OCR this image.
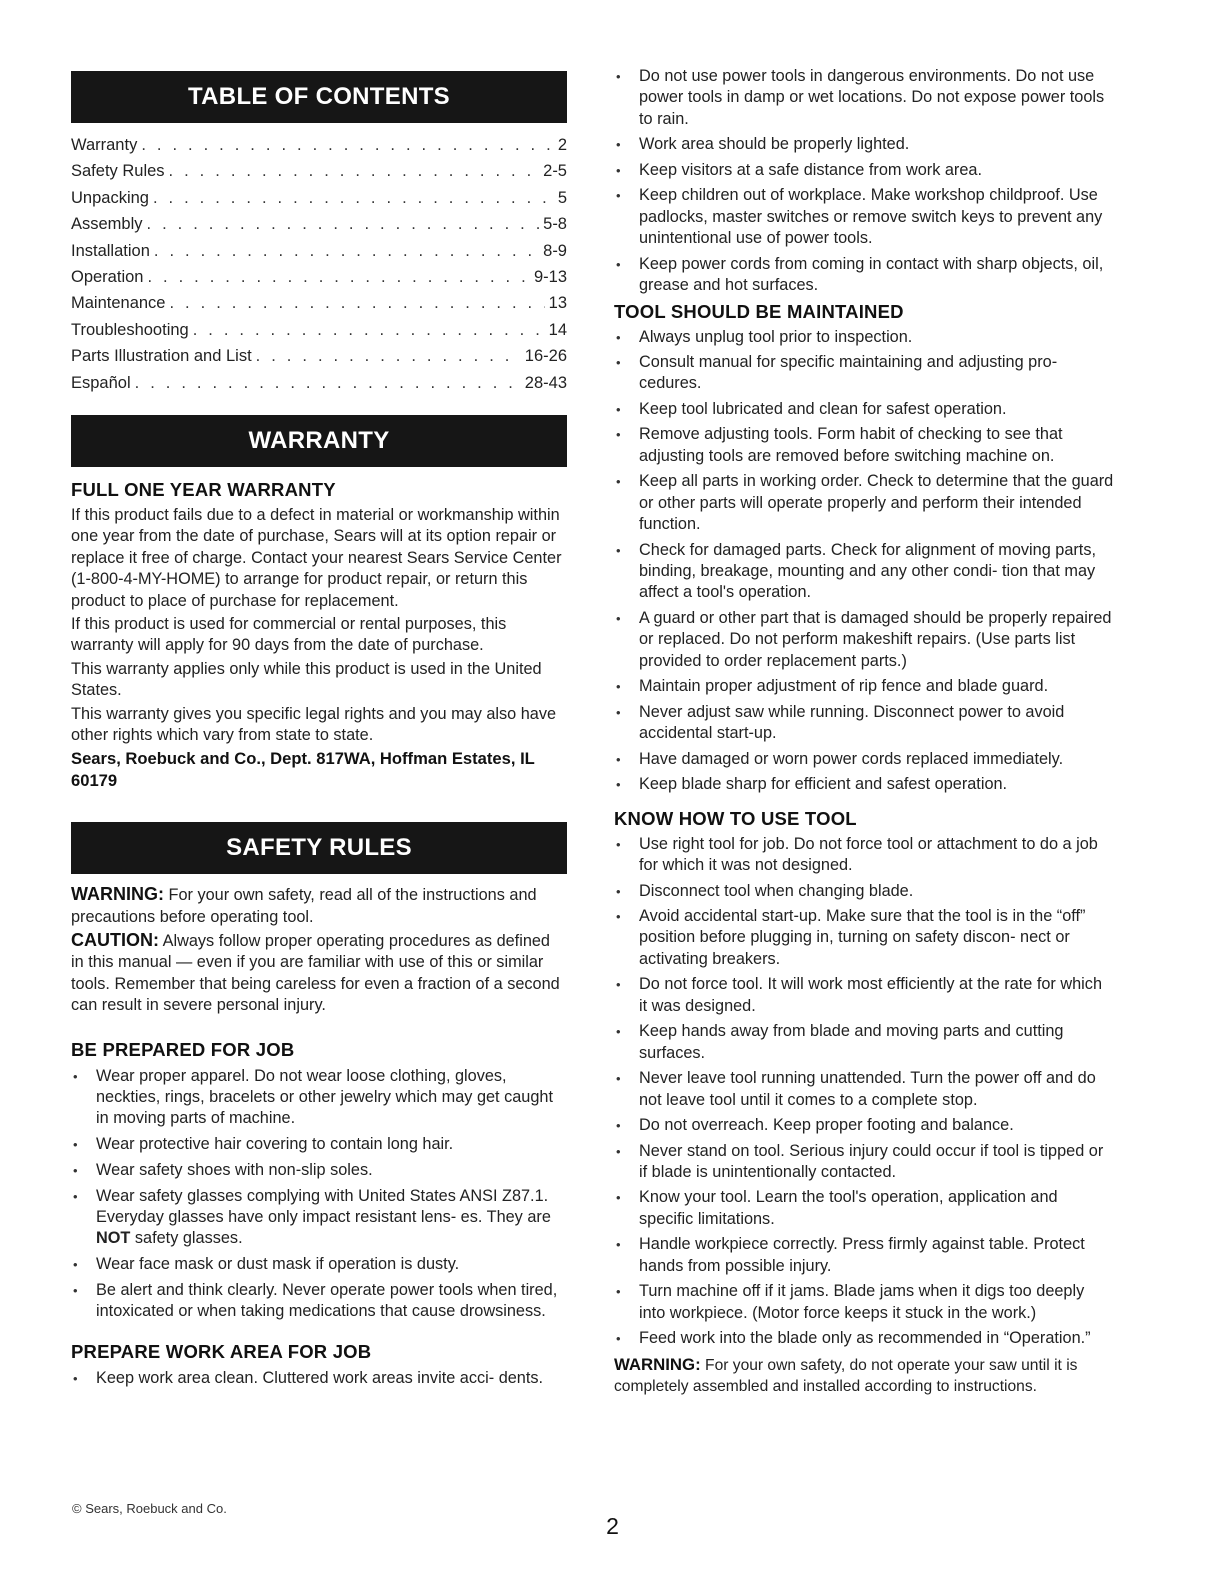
TABLE OF CONTENTS
Warranty . . .	2
Safety Rules . . .	2-5
Unpacking . . .	5
Assembly . . .	5-8
Installation . . .	8-9
Operation . . .	9-13
Maintenance . . .	13
Troubleshooting . . .	14
Parts Illustration and List . . .	16-26
Español . . .	28-43
WARRANTY
FULL ONE YEAR WARRANTY

If this product fails due to a defect in material or workmanship within one year from the date of purchase, Sears will at its option repair or replace it free of charge. Contact your nearest Sears Service Center (1-800-4-MY-HOME) to arrange for product repair, or return this product to place of purchase for replacement.

If this product is used for commercial or rental purposes, this warranty will apply for 90 days from the date of purchase.

This warranty applies only while this product is used in the United States.

This warranty gives you specific legal rights and you may also have other rights which vary from state to state.

Sears, Roebuck and Co., Dept. 817WA, Hoffman Estates, IL 60179

SAFETY RULES

WARNING: For your own safety, read all of the instructions and precautions before operating tool.

CAUTION: Always follow proper operating procedures as defined in this manual — even if you are familiar with use of this or similar tools. Remember that being careless for even a fraction of a second can result in severe personal injury.

BE PREPARED FOR JOB
• Wear proper apparel. Do not wear loose clothing, gloves, neckties, rings, bracelets or other jewelry which may get caught in moving parts of machine.
• Wear protective hair covering to contain long hair.
• Wear safety shoes with non-slip soles.
• Wear safety glasses complying with United States ANSI Z87.1. Everyday glasses have only impact resistant lens- es. They are NOT safety glasses.
• Wear face mask or dust mask if operation is dusty.
• Be alert and think clearly. Never operate power tools when tired, intoxicated or when taking medications that cause drowsiness.
PREPARE WORK AREA FOR JOB
• Keep work area clean. Cluttered work areas invite acci- dents.
• Do not use power tools in dangerous environments. Do not use power tools in damp or wet locations. Do not expose power tools to rain.
• Work area should be properly lighted.
• Keep visitors at a safe distance from work area.
• Keep children out of workplace. Make workshop childproof. Use padlocks, master switches or remove switch keys to prevent any unintentional use of power tools.
• Keep power cords from coming in contact with sharp objects, oil, grease and hot surfaces.
TOOL SHOULD BE MAINTAINED
• Always unplug tool prior to inspection.
• Consult manual for specific maintaining and adjusting pro- cedures.
• Keep tool lubricated and clean for safest operation.
• Remove adjusting tools. Form habit of checking to see that adjusting tools are removed before switching machine on.
• Keep all parts in working order. Check to determine that the guard or other parts will operate properly and perform their intended function.
• Check for damaged parts. Check for alignment of moving parts, binding, breakage, mounting and any other condi- tion that may affect a tool's operation.
• A guard or other part that is damaged should be properly repaired or replaced. Do not perform makeshift repairs. (Use parts list provided to order replacement parts.)
• Maintain proper adjustment of rip fence and blade guard.
• Never adjust saw while running. Disconnect power to avoid accidental start-up.
• Have damaged or worn power cords replaced immediately.
• Keep blade sharp for efficient and safest operation.
KNOW HOW TO USE TOOL
• Use right tool for job. Do not force tool or attachment to do a job for which it was not designed.
• Disconnect tool when changing blade.
• Avoid accidental start-up. Make sure that the tool is in the “off” position before plugging in, turning on safety discon- nect or activating breakers.
• Do not force tool. It will work most efficiently at the rate for which it was designed.
• Keep hands away from blade and moving parts and cutting surfaces.
• Never leave tool running unattended. Turn the power off and do not leave tool until it comes to a complete stop.
• Do not overreach. Keep proper footing and balance.
• Never stand on tool. Serious injury could occur if tool is tipped or if blade is unintentionally contacted.
• Know your tool. Learn the tool's operation, application and specific limitations.
• Handle workpiece correctly. Press firmly against table. Protect hands from possible injury.
• Turn machine off if it jams. Blade jams when it digs too deeply into workpiece. (Motor force keeps it stuck in the work.)
• Feed work into the blade only as recommended in “Operation.”

WARNING: For your own safety, do not operate your saw until it is completely assembled and installed according to instructions.

© Sears, Roebuck and Co.
2
